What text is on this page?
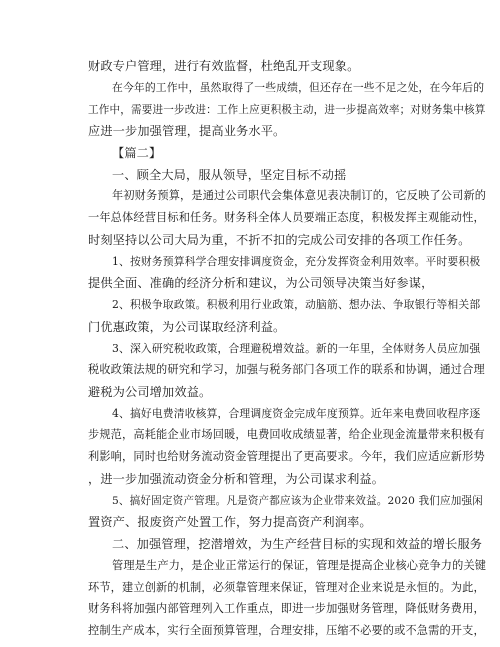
财政专户管理，进行有效监督，杜绝乱开支现象。
在今年的工作中，虽然取得了一些成绩，但还存在一些不足之处，在今年后的
工作中，需要进一步改进：工作上应更积极主动，进一步提高效率；对财务集中核算
应进一步加强管理，提高业务水平。
【篇二】
一、顾全大局，服从领导，坚定目标不动摇
年初财务预算，是通过公司职代会集体意见表决制订的，它反映了公司新的
一年总体经营目标和任务。财务科全体人员要端正态度，积极发挥主观能动性，
时刻坚持以公司大局为重，不折不扣的完成公司安排的各项工作任务。
1、按财务预算科学合理安排调度资金，充分发挥资金利用效率。平时要积极
提供全面、准确的经济分析和建议，为公司领导决策当好参谋，
2、积极争取政策。积极利用行业政策，动脑筋、想办法、争取银行等相关部
门优惠政策，为公司谋取经济利益。
3、深入研究税收政策，合理避税增效益。新的一年里，全体财务人员应加强
税收政策法规的研究和学习，加强与税务部门各项工作的联系和协调，通过合理
避税为公司增加效益。
4、搞好电费清收核算，合理调度资金完成年度预算。近年来电费回收程序逐
步规范，高耗能企业市场回暖，电费回收成绩显著，给企业现金流量带来积极有
利影响，同时也给财务流动资金管理提出了更高要求。今年，我们应适应新形势
，进一步加强流动资金分析和管理，为公司谋求利益。
5、搞好固定资产管理。凡是资产都应该为企业带来效益。2020 我们应加强闲
置资产、报废资产处置工作，努力提高资产利润率。
二、加强管理，挖潜增效，为生产经营目标的实现和效益的增长服务
管理是生产力，是企业正常运行的保证，管理是提高企业核心竞争力的关键
环节，建立创新的机制，必须靠管理来保证，管理对企业来说是永恒的。为此，
财务科将加强内部管理列入工作重点，即进一步加强财务管理，降低财务费用，
控制生产成本，实行全面预算管理，合理安排，压缩不必要的或不急需的开支，
